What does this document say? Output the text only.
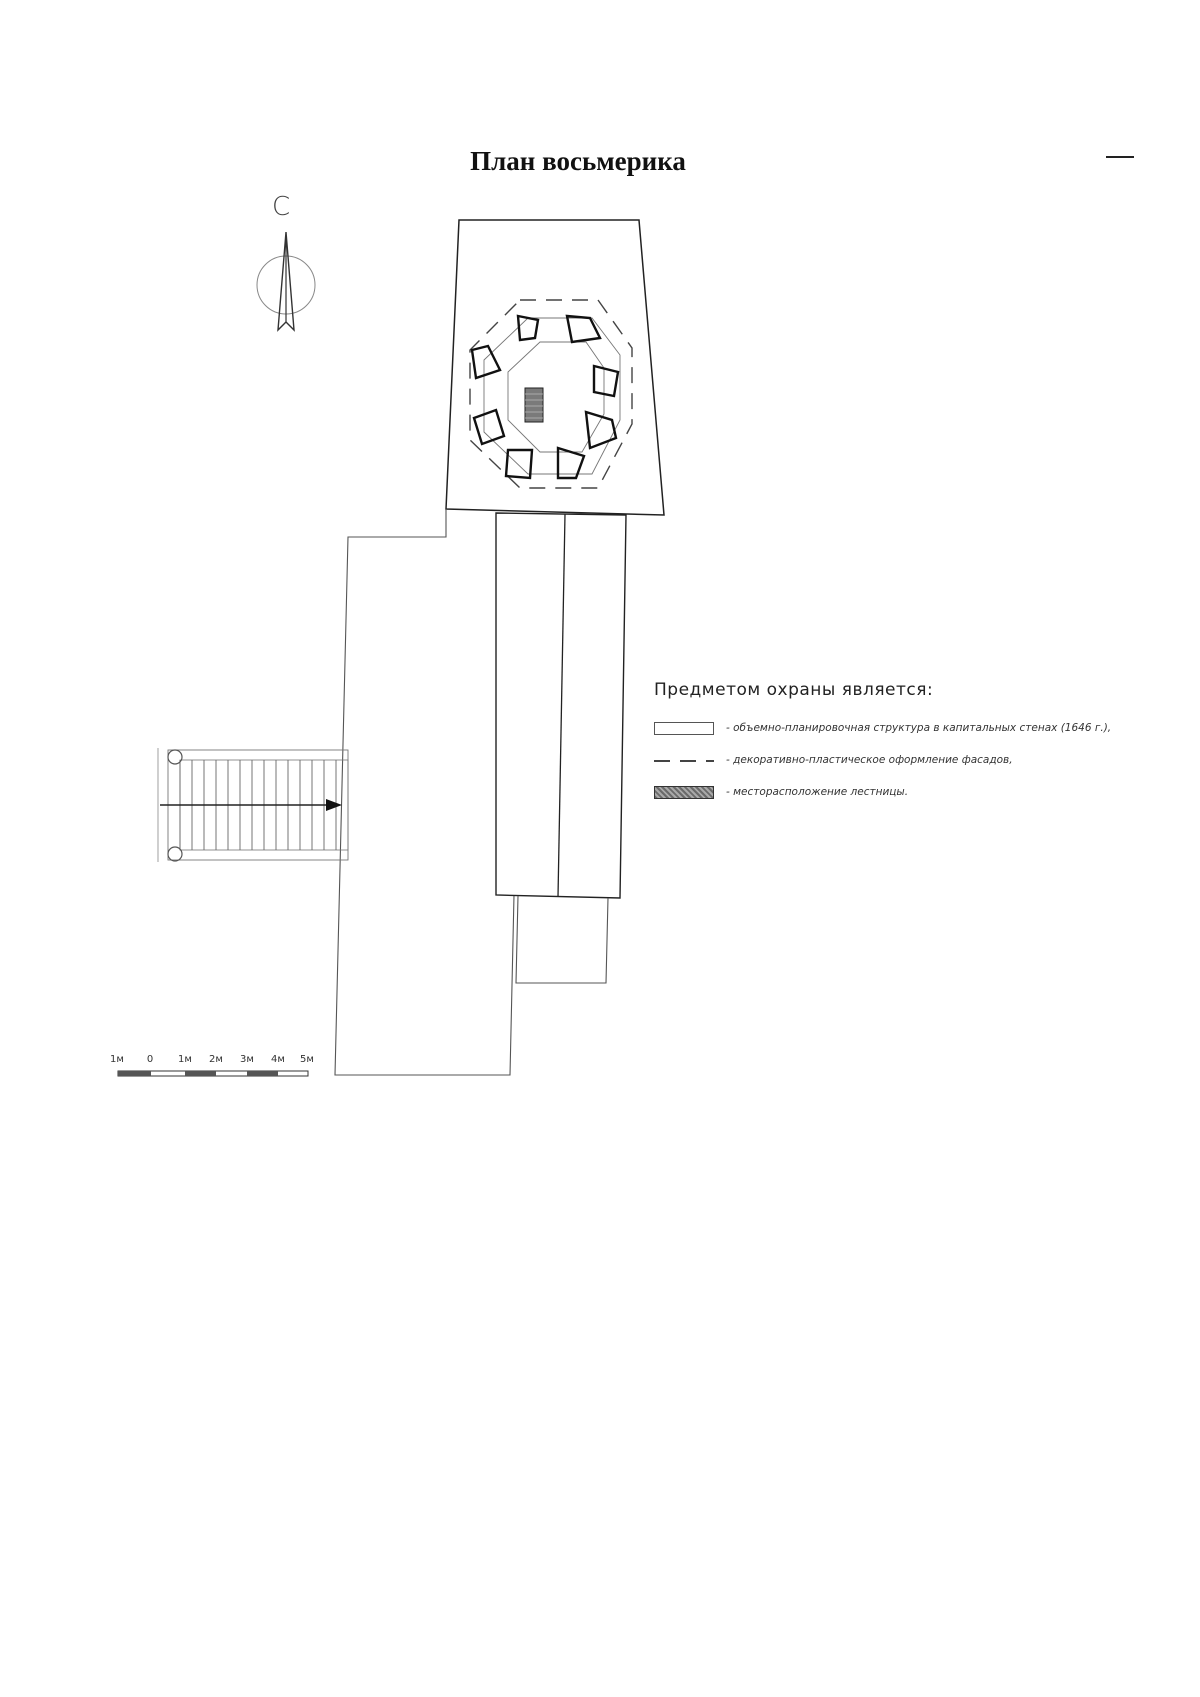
План восьмерика
С
1м 0 1м 2м 3м 4м 5м
Предметом охраны является:
- объемно-планировочная структура в капитальных стенах (1646 г.),
- декоративно-пластическое оформление фасадов,
- месторасположение лестницы.
